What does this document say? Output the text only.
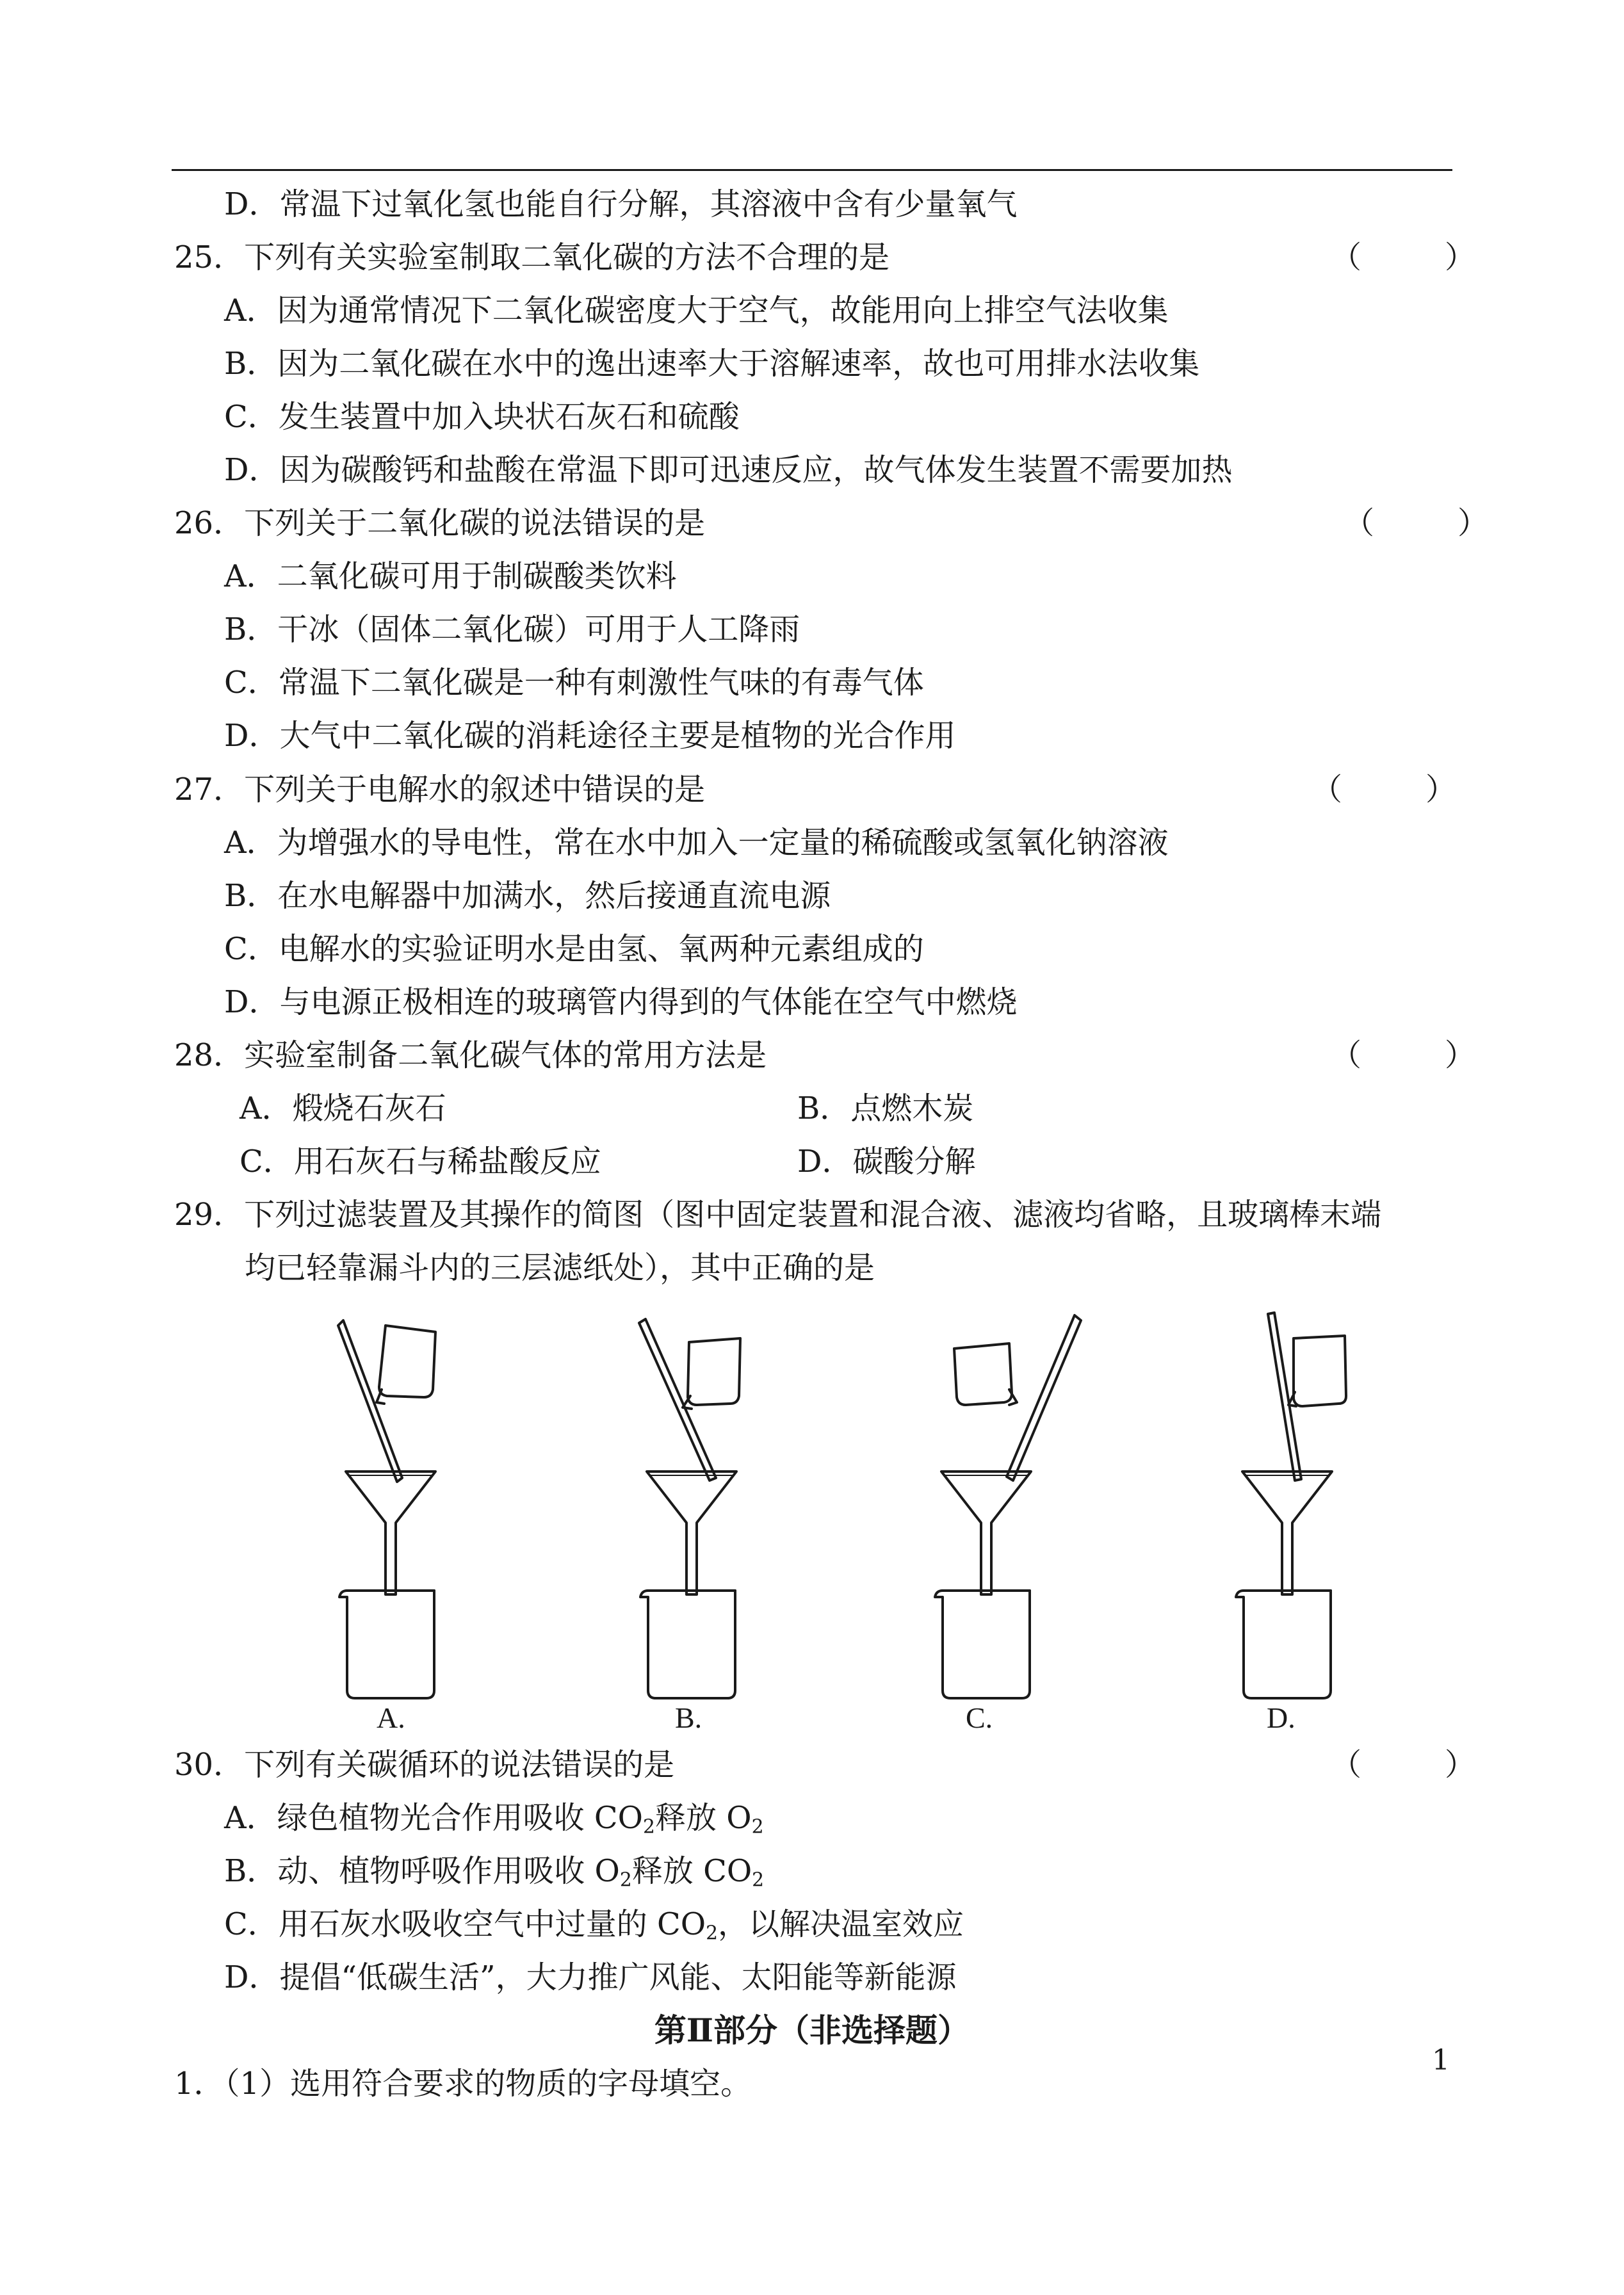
D．常温下过氧化氢也能自行分解，其溶液中含有少量氧气
25．下列有关实验室制取二氧化碳的方法不合理的是	（	）
A．因为通常情况下二氧化碳密度大于空气，故能用向上排空气法收集
B．因为二氧化碳在水中的逸出速率大于溶解速率，故也可用排水法收集
C．发生装置中加入块状石灰石和硫酸
D．因为碳酸钙和盐酸在常温下即可迅速反应，故气体发生装置不需要加热
26．下列关于二氧化碳的说法错误的是	（	）
A．二氧化碳可用于制碳酸类饮料
B．干冰（固体二氧化碳）可用于人工降雨
C．常温下二氧化碳是一种有刺激性气味的有毒气体
D．大气中二氧化碳的消耗途径主要是植物的光合作用
27．下列关于电解水的叙述中错误的是	（	）
A．为增强水的导电性，常在水中加入一定量的稀硫酸或氢氧化钠溶液
B．在水电解器中加满水，然后接通直流电源
C．电解水的实验证明水是由氢、氧两种元素组成的
D．与电源正极相连的玻璃管内得到的气体能在空气中燃烧
28．实验室制备二氧化碳气体的常用方法是	（	）
A．煅烧石灰石	B．点燃木炭
C．用石灰石与稀盐酸反应	D．碳酸分解
29．下列过滤装置及其操作的简图（图中固定装置和混合液、滤液均省略，且玻璃棒末端
均已轻靠漏斗内的三层滤纸处），其中正确的是
A.	B.	C.	D.
30．下列有关碳循环的说法错误的是	（	）
A．绿色植物光合作用吸收 $CO_2$释放 $O_2$
B．动、植物呼吸作用吸收 $O_2$释放 $CO_2$
C．用石灰水吸收空气中过量的 $CO_2$，以解决温室效应
D．提倡“低碳生活”，大力推广风能、太阳能等新能源
第Ⅱ部分（非选择题）
1．（1）选用符合要求的物质的字母填空。
1
